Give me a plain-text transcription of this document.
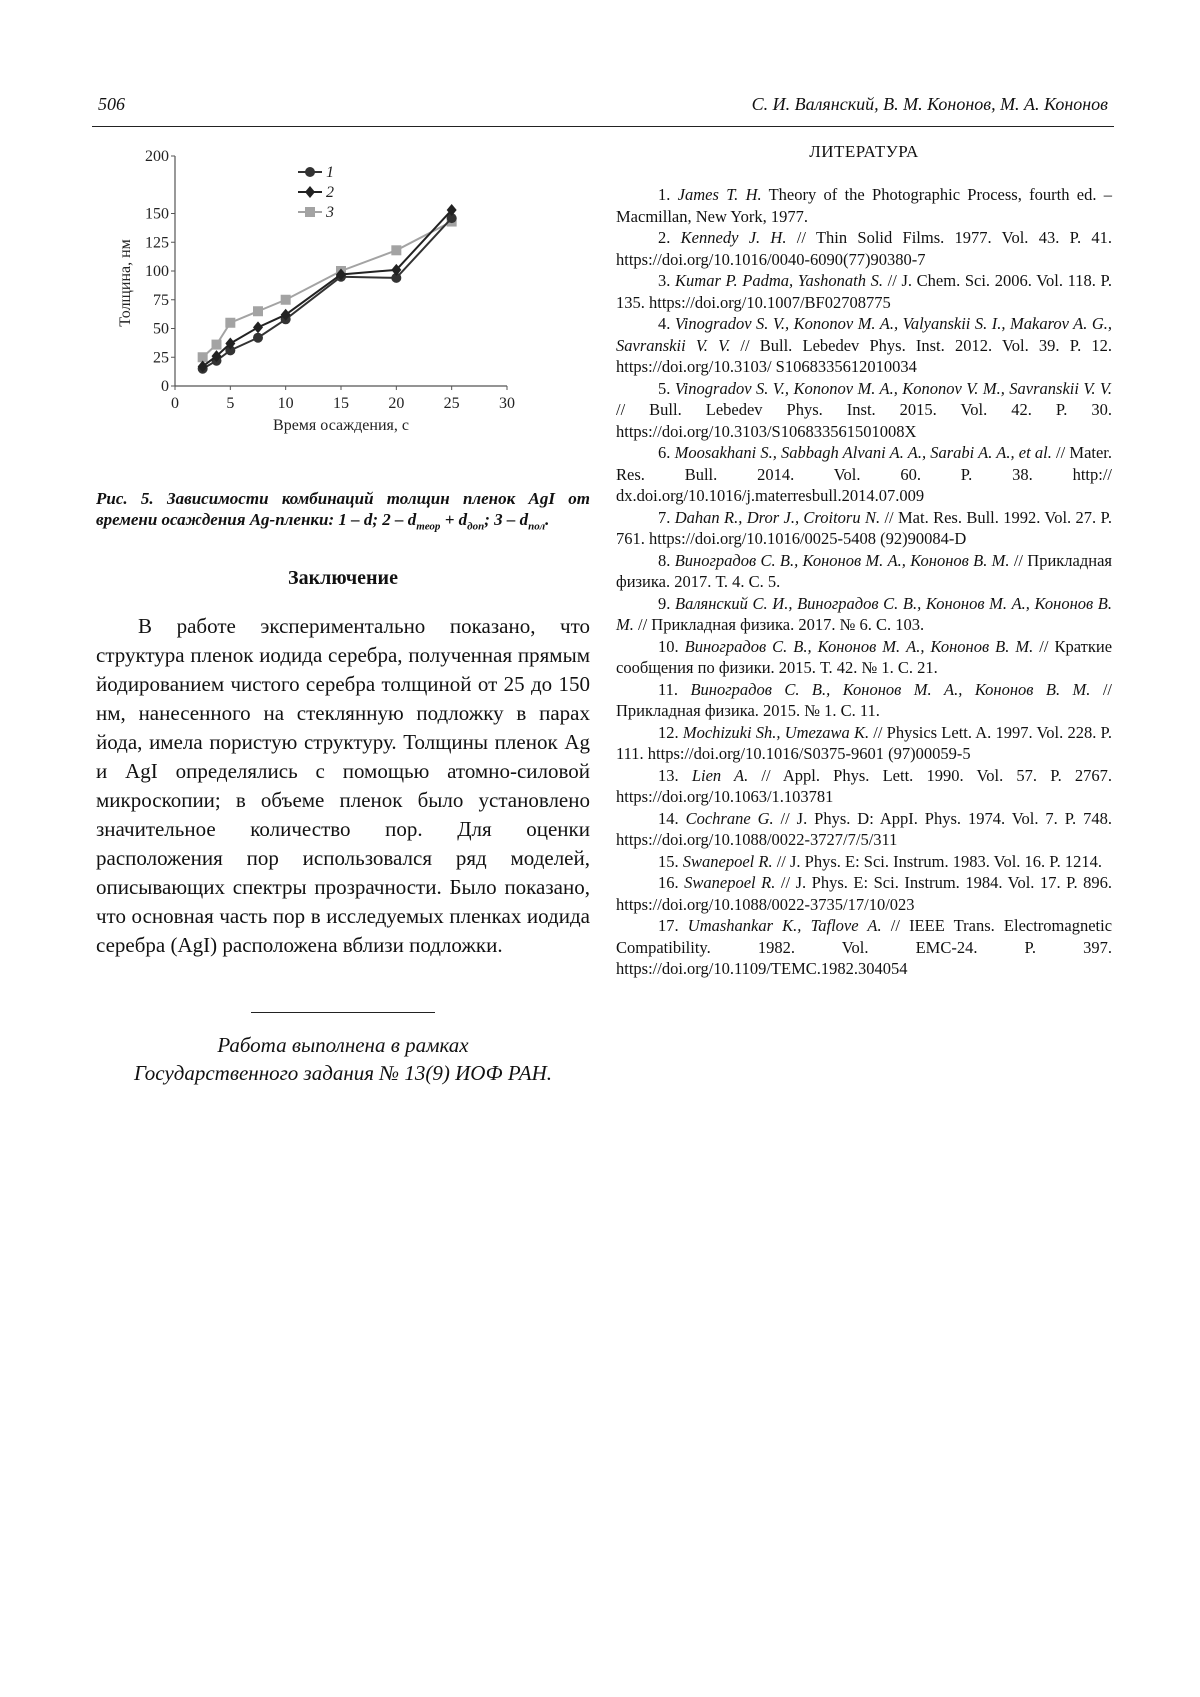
506	С. И. Валянский, В. М. Кононов, М. А. Кононов
0
25
50
75
100
125
150
200
0	5	10 15 20 25 30
1
2
3
Время осаждения, с
Толщина, нм
Рис. 5. Зависимости комбинаций толщин пленок AgI от времени осаждения Ag-пленки: 1 – d; $2 - d_{теор} + d_{доп}$; $3 - d_{пол}$.
Заключение
В работе экспериментально показано, что структура пленок иодида серебра, полученная прямым йодированием чистого серебра толщиной от 25 до 150 нм, нанесенного на стеклянную подложку в парах йода, имела пористую структуру. Толщины пленок Ag и AgI определялись с помощью атомно-силовой микроскопии; в объеме пленок было установлено значительное количество пор. Для оценки расположения пор использовался ряд моделей, описывающих спектры прозрачности. Было показано, что основная часть пор в исследуемых пленках иодида серебра (AgI) расположена вблизи подложки.
Работа выполнена в рамках
Государственного задания № 13(9) ИОФ РАН.
ЛИТЕРАТУРА
1. James T. H. Theory of the Photographic Process, fourth ed. – Macmillan, New York, 1977.
2. Kennedy J. H. // Thin Solid Films. 1977. Vol. 43. P. 41. https://doi.org/10.1016/0040-6090(77)90380-7
3. Kumar P. Padma, Yashonath S. // J. Chem. Sci. 2006. Vol. 118. P. 135. https://doi.org/10.1007/BF02708775
4. Vinogradov S. V., Kononov M. A., Valyanskii S. I., Makarov A. G., Savranskii V. V. // Bull. Lebedev Phys. Inst. 2012. Vol. 39. P. 12. https://doi.org/10.3103/ S106833561201003​4
5. Vinogradov S. V., Kononov M. A., Kononov V. M., Savranskii V. V. // Bull. Lebedev Phys. Inst. 2015. Vol. 42. P. 30. https://doi.org/10.3103/S106833561501008X
6. Moosakhani S., Sabbagh Alvani A. A., Sarabi A. A., et al. // Mater. Res. Bull. 2014. Vol. 60. P. 38. http:// dx.doi.org/10.1016/j.materresbull.2014.07.009
7. Dahan R., Dror J., Croitoru N. // Mat. Res. Bull. 1992. Vol. 27. P. 761. https://doi.org/10.1016/0025-5408 (92)90084-D
8. Виноградов С. В., Кононов М. А., Кононов В. М. // Прикладная физика. 2017. Т. 4. С. 5.
9. Валянский С. И., Виноградов С. В., Кононов М. А., Кононов В. М. // Прикладная физика. 2017. № 6. С. 103.
10. Виноградов С. В., Кононов М. А., Кононов В. М. // Краткие сообщения по физики. 2015. Т. 42. № 1. С. 21.
11. Виноградов С. В., Кононов М. А., Кононов В. М. // Прикладная физика. 2015. № 1. С. 11.
12. Mochizuki Sh., Umezawa K. // Physics Lett. A. 1997. Vol. 228. P. 111. https://doi.org/10.1016/S0375-9601 (97)00059-5
13. Lien A. // Appl. Phys. Lett. 1990. Vol. 57. P. 2767. https://doi.org/10.1063/1.103781
14. Cochrane G. // J. Phys. D: AppI. Phys. 1974. Vol. 7. P. 748. https://doi.org/10.1088/0022-3727/7/5/311
15. Swanepoel R. // J. Phys. E: Sci. Instrum. 1983. Vol. 16. P. 1214.
16. Swanepoel R. // J. Phys. E: Sci. Instrum. 1984. Vol. 17. P. 896. https://doi.org/10.1088/0022-3735/17/10/023
17. Umashankar K., Taflove A. // IEEE Trans. Electromagnetic Compatibility. 1982. Vol. EMC-24. P. 397. https://doi.org/10.1109/TEMC.1982.304054
